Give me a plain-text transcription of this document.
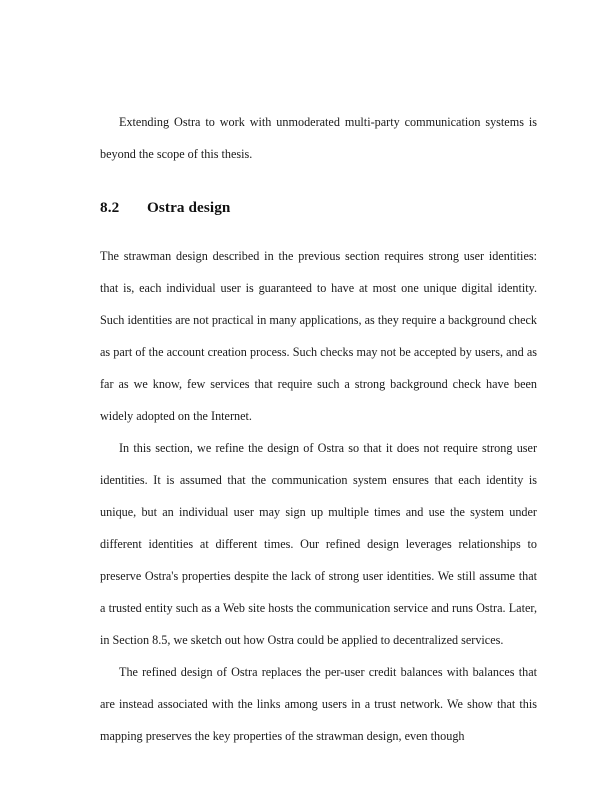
Extending Ostra to work with unmoderated multi-party communication systems is beyond the scope of this thesis.

8.2 Ostra design

The strawman design described in the previous section requires strong user identities: that is, each individual user is guaranteed to have at most one unique digital identity. Such identities are not practical in many applications, as they require a background check as part of the account creation process. Such checks may not be accepted by users, and as far as we know, few services that require such a strong background check have been widely adopted on the Internet.

In this section, we refine the design of Ostra so that it does not require strong user identities. It is assumed that the communication system ensures that each identity is unique, but an individual user may sign up multiple times and use the system under different identities at different times. Our refined design leverages relationships to preserve Ostra's properties despite the lack of strong user identities. We still assume that a trusted entity such as a Web site hosts the communication service and runs Ostra. Later, in Section 8.5, we sketch out how Ostra could be applied to decentralized services.

The refined design of Ostra replaces the per-user credit balances with balances that are instead associated with the links among users in a trust network. We show that this mapping preserves the key properties of the strawman design, even though
